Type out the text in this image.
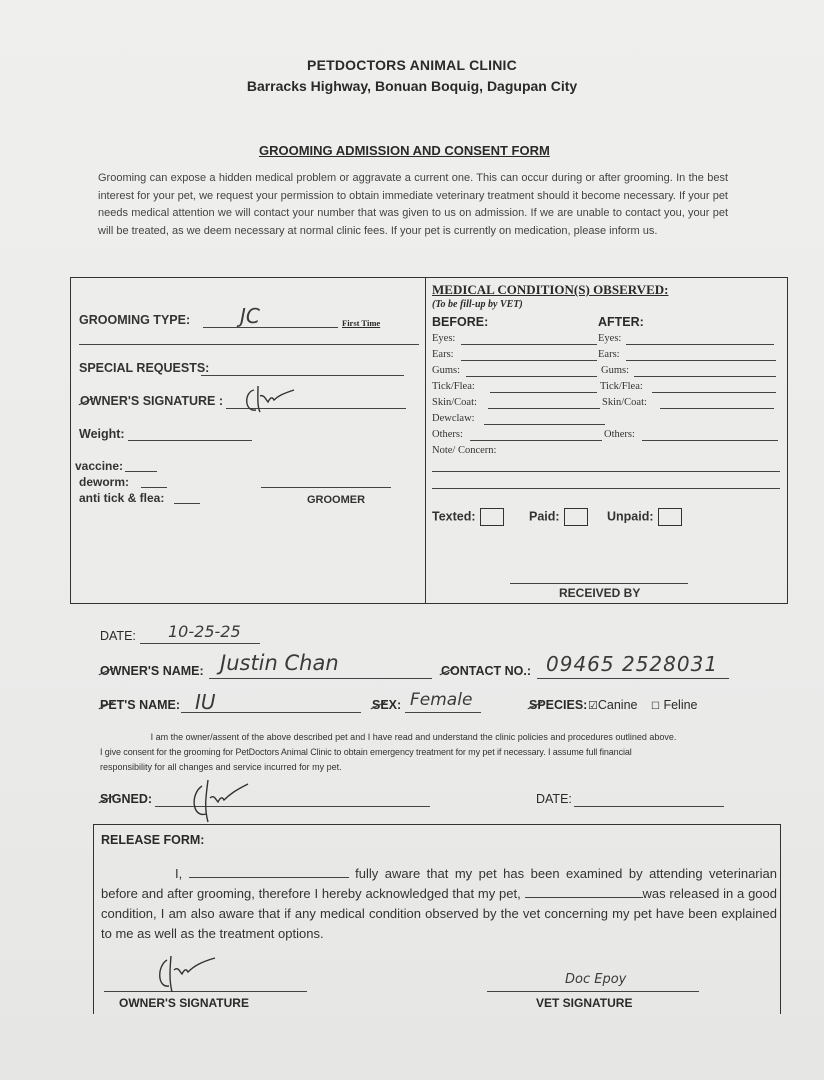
PETDOCTORS ANIMAL CLINIC
Barracks Highway, Bonuan Boquig, Dagupan City
GROOMING ADMISSION AND CONSENT FORM
Grooming can expose a hidden medical problem or aggravate a current one. This can occur during or after grooming. In the best interest for your pet, we request your permission to obtain immediate veterinary treatment should it become necessary. If your pet needs medical attention we will contact your number that was given to us on admission. If we are unable to contact you, your pet will be treated, as we deem necessary at normal clinic fees. If your pet is currently on medication, please inform us.
GROOMING TYPE: JC	First Time
SPECIAL REQUESTS:
OWNER'S SIGNATURE :
Weight:
vaccine:
deworm:
anti tick & flea:	GROOMER
MEDICAL CONDITION(S) OBSERVED:
(To be fill-up by VET)
BEFORE:	AFTER:
Eyes:	Eyes:
Ears:	Ears:
Gums:	Gums:
Tick/Flea:	Tick/Flea:
Skin/Coat:	Skin/Coat:
Dewclaw:
Others:	Others:
Note/ Concern:
Texted:	Paid:	Unpaid:
RECEIVED BY
DATE: 10-25-25
OWNER'S NAME: Justin Chan	CONTACT NO.: 09465 2528031
PET'S NAME: IU	SEX: Female	SPECIES: ☑Canine ☐ Feline
I am the owner/assent of the above described pet and I have read and understand the clinic policies and procedures outlined above.
I give consent for the grooming for PetDoctors Animal Clinic to obtain emergency treatment for my pet if necessary. I assume full financial
responsibility for all changes and service incurred for my pet.
SIGNED:	DATE:
RELEASE FORM:
I,	fully aware that my pet has been examined by attending veterinarian before and after grooming, therefore I hereby acknowledged that my pet,	was released in a good condition, I am also aware that if any medical condition observed by the vet concerning my pet have been explained to me as well as the treatment options.
OWNER'S SIGNATURE
Doc Epoy
VET SIGNATURE
